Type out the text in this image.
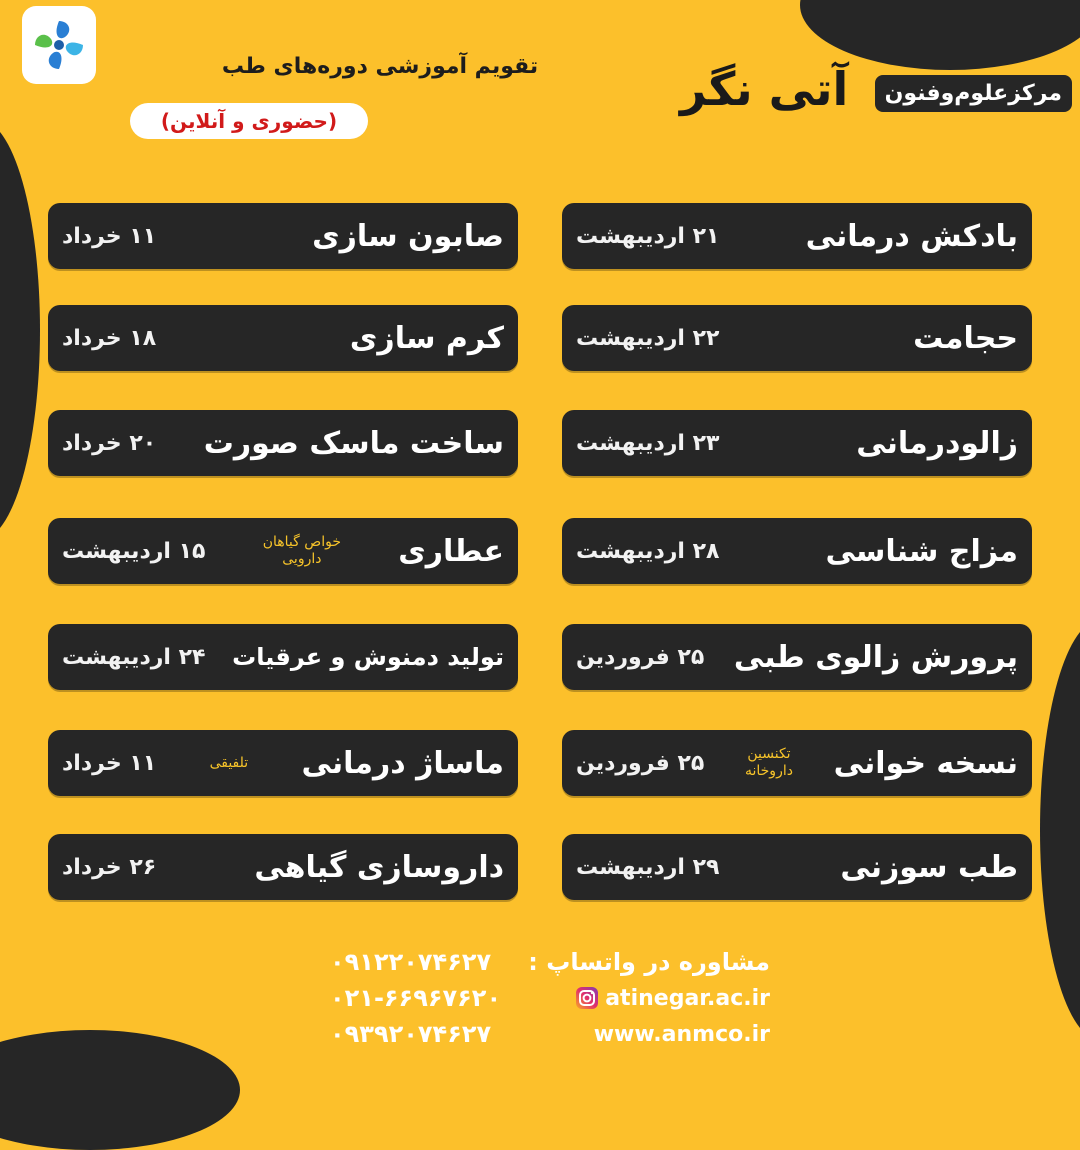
مرکزعلوم‌وفنون
آتی نگر
تقویم آموزشی دوره‌های طب
(حضوری و آنلاین)
بادکش درمانی
۲۱ اردیبهشت
حجامت
۲۲ اردیبهشت
زالودرمانی
۲۳ اردیبهشت
مزاج شناسی
۲۸ اردیبهشت
پرورش زالوی طبی
۲۵ فروردین
نسخه خوانی
تکنسین
داروخانه
۲۵ فروردین
طب سوزنی
۲۹ اردیبهشت
صابون سازی
۱۱ خرداد
کرم سازی
۱۸ خرداد
ساخت ماسک صورت
۲۰ خرداد
عطاری
خواص گیاهان
دارویی
۱۵ اردیبهشت
تولید دمنوش و عرقیات
۲۴ اردیبهشت
ماساژ درمانی
تلفیقی
۱۱ خرداد
داروسازی گیاهی
۲۶ خرداد
مشاوره در واتساپ :
۰۹۱۲۲۰۷۴۶۲۷
atinegar.ac.ir
۰۲۱-۶۶۹۶۷۶۲۰
www.anmco.ir
۰۹۳۹۲۰۷۴۶۲۷
